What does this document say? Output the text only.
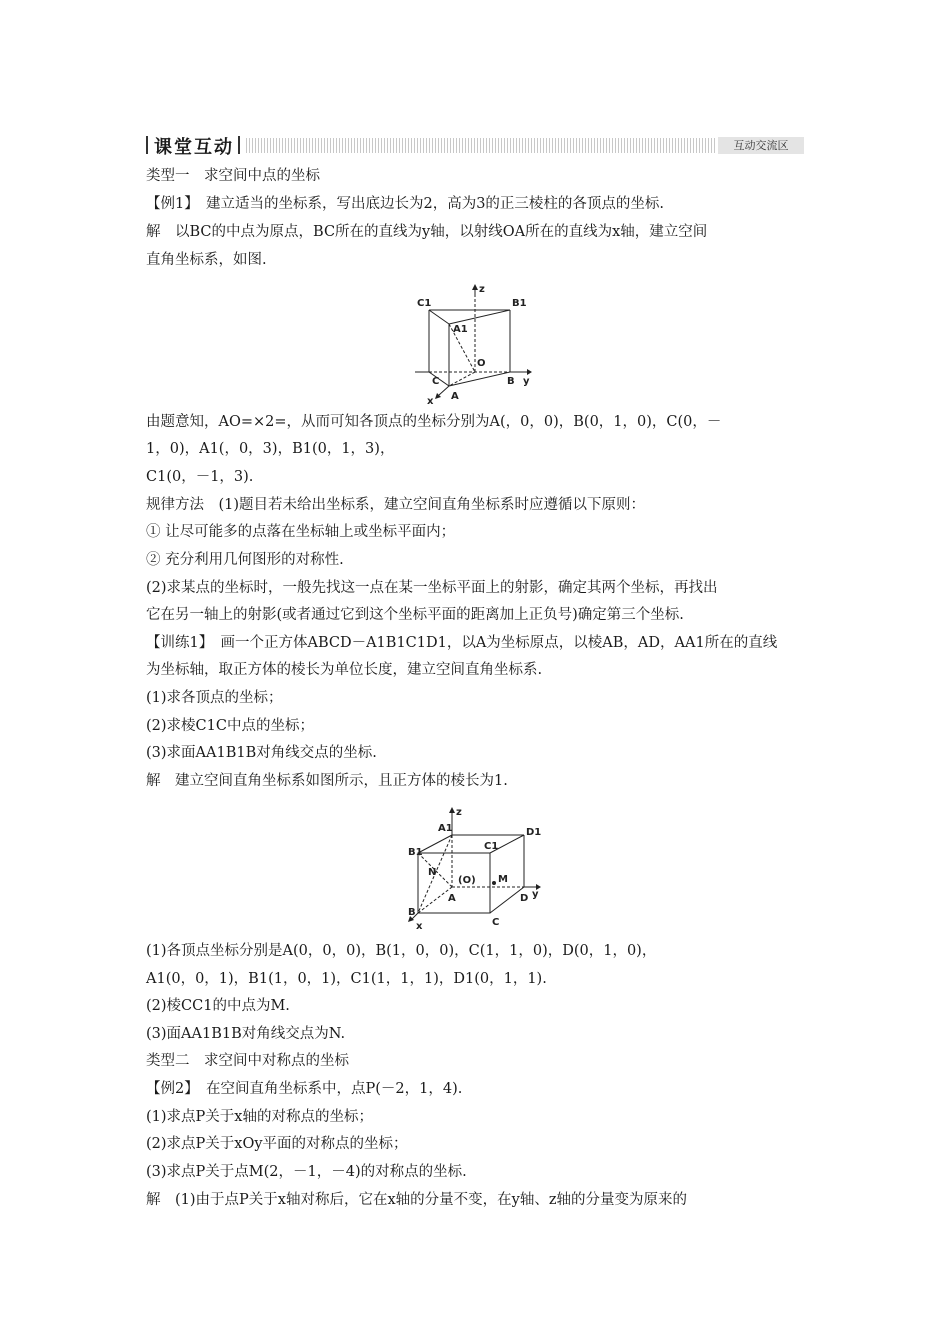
课堂互动	互动交流区
类型一　求空间中点的坐标
【例1】　建立适当的坐标系，写出底边长为2，高为3的正三棱柱的各顶点的坐标.
解　以BC的中点为原点，BC所在的直线为y轴，以射线OA所在的直线为x轴，建立空间
直角坐标系，如图.
C1
z
B1
A1
O
C	B y
A
x
由题意知，AO=×2=，从而可知各顶点的坐标分别为A(，0，0)，B(0，1，0)，C(0，－
1，0)，A1(，0，3)，B1(0，1，3)，
C1(0，－1，3).
规律方法　(1)题目若未给出坐标系，建立空间直角坐标系时应遵循以下原则：
① 让尽可能多的点落在坐标轴上或坐标平面内；
② 充分利用几何图形的对称性.
(2)求某点的坐标时，一般先找这一点在某一坐标平面上的射影，确定其两个坐标，再找出
它在另一轴上的射影(或者通过它到这个坐标平面的距离加上正负号)确定第三个坐标.
【训练1】　画一个正方体ABCD－A1B1C1D1，以A为坐标原点，以棱AB，AD，AA1所在的直线
为坐标轴，取正方体的棱长为单位长度，建立空间直角坐标系.
(1)求各顶点的坐标；
(2)求棱C1C中点的坐标；
(3)求面AA1B1B对角线交点的坐标.
解　建立空间直角坐标系如图所示，且正方体的棱长为1.
z
A1	D1
C1
B1
N
(O) M
A	D y
B
C
x
(1)各顶点坐标分别是A(0，0，0)，B(1，0，0)，C(1，1，0)，D(0，1，0)，
A1(0，0，1)，B1(1，0，1)，C1(1，1，1)，D1(0，1，1).
(2)棱CC1的中点为M.
(3)面AA1B1B对角线交点为N.
类型二　求空间中对称点的坐标
【例2】　在空间直角坐标系中，点P(－2，1，4).
(1)求点P关于x轴的对称点的坐标；
(2)求点P关于xOy平面的对称点的坐标；
(3)求点P关于点M(2，－1，－4)的对称点的坐标.
解　(1)由于点P关于x轴对称后，它在x轴的分量不变，在y轴、z轴的分量变为原来的
